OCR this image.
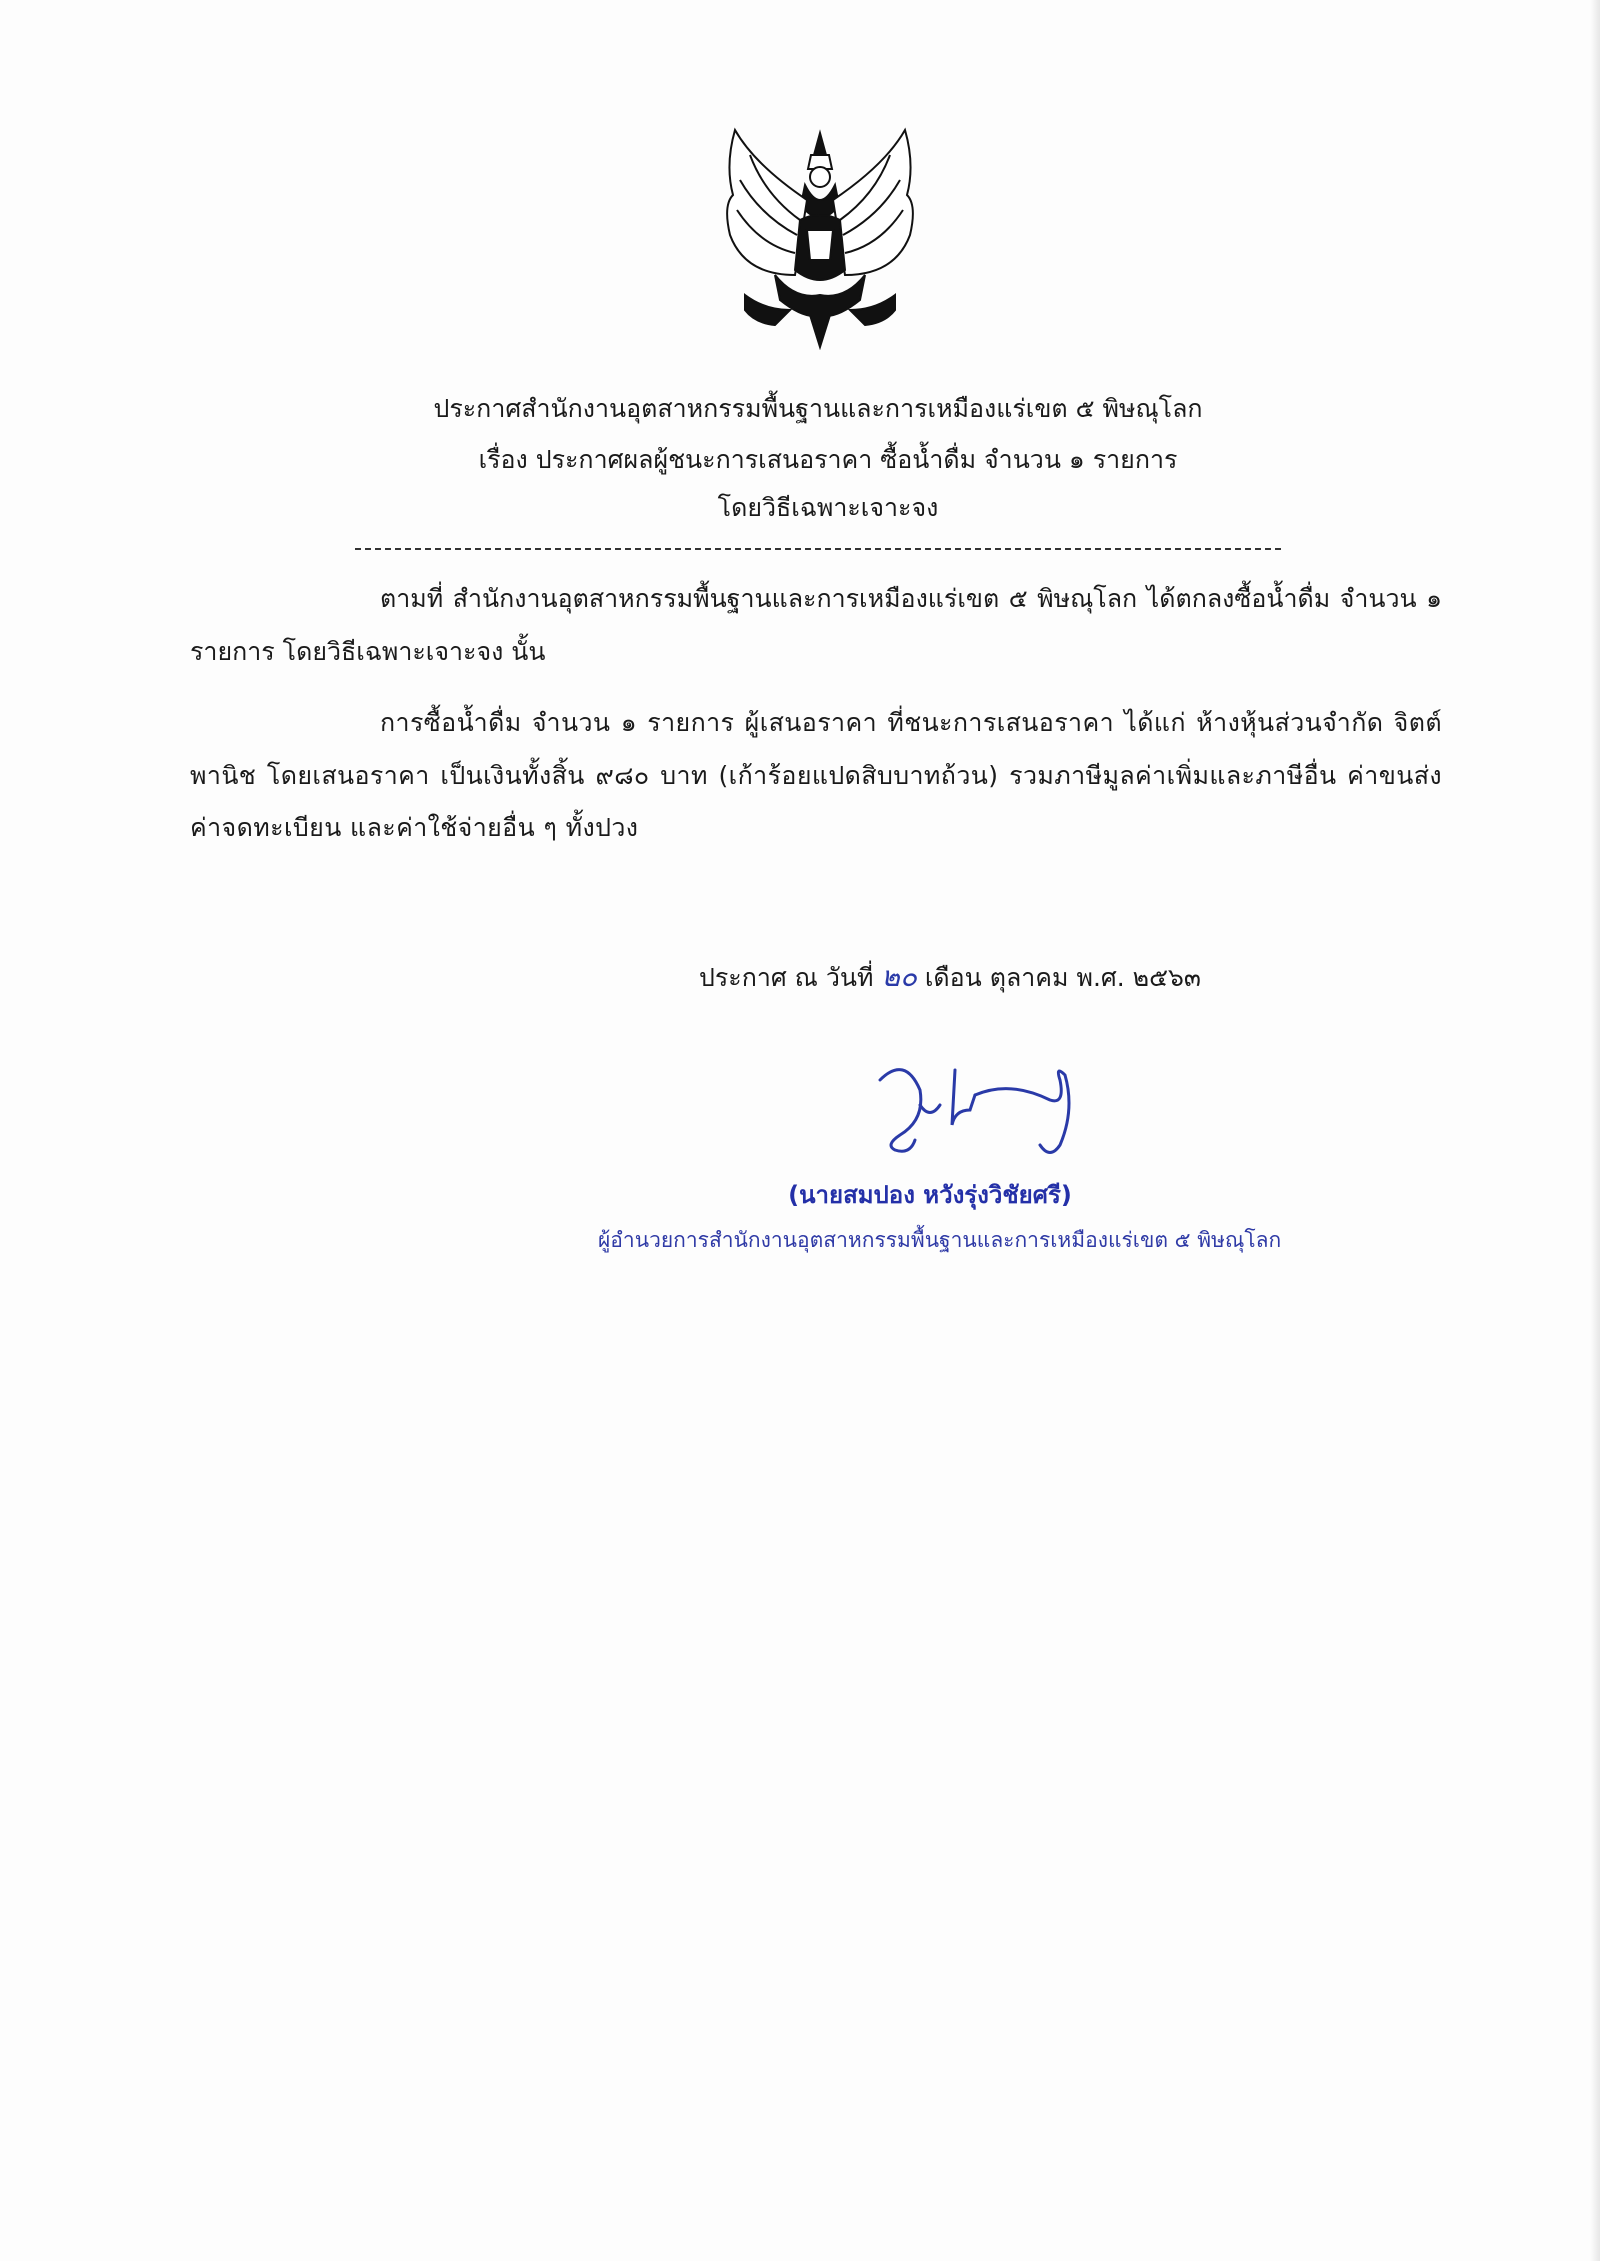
ประกาศสำนักงานอุตสาหกรรมพื้นฐานและการเหมืองแร่เขต ๕ พิษณุโลก
เรื่อง ประกาศผลผู้ชนะการเสนอราคา ซื้อน้ำดื่ม จำนวน ๑ รายการ
โดยวิธีเฉพาะเจาะจง
ตามที่ สำนักงานอุตสาหกรรมพื้นฐานและการเหมืองแร่เขต ๕ พิษณุโลก ได้ตกลงซื้อน้ำดื่ม จำนวน ๑ รายการ โดยวิธีเฉพาะเจาะจง นั้น
การซื้อน้ำดื่ม จำนวน ๑ รายการ ผู้เสนอราคา ที่ชนะการเสนอราคา ได้แก่ ห้างหุ้นส่วนจำกัด จิตต์พานิช โดยเสนอราคา เป็นเงินทั้งสิ้น ๙๘๐ บาท (เก้าร้อยแปดสิบบาทถ้วน) รวมภาษีมูลค่าเพิ่มและภาษีอื่น ค่าขนส่ง ค่าจดทะเบียน และค่าใช้จ่ายอื่น ๆ ทั้งปวง
ประกาศ ณ วันที่ ๒๐ เดือน ตุลาคม พ.ศ. ๒๕๖๓
(นายสมปอง หวังรุ่งวิชัยศรี)
ผู้อำนวยการสำนักงานอุตสาหกรรมพื้นฐานและการเหมืองแร่เขต ๕ พิษณุโลก
